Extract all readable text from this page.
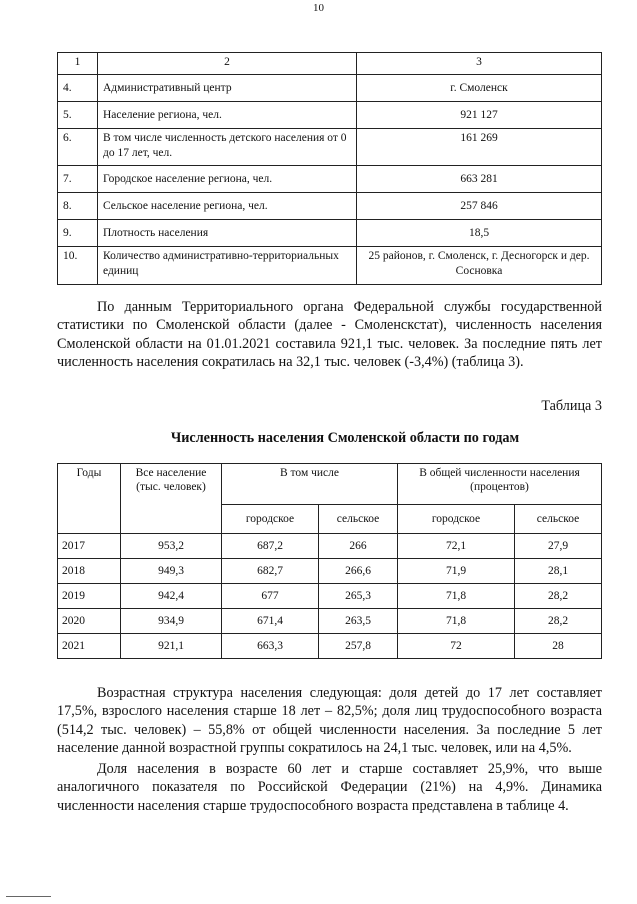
10
1	2	3
4.	Административный центр	г. Смоленск
5.	Население региона, чел.	921 127
6.	В том числе численность детского населения от 0 до 17 лет, чел.	161 269
7.	Городское население региона, чел.	663 281
8.	Сельское население региона, чел.	257 846
9.	Плотность населения	18,5
10.	Количество административно-территориальных единиц	25 районов, г. Смоленск, г. Десногорск и дер. Сосновка

По данным Территориального органа Федеральной службы государственной статистики по Смоленской области (далее - Смоленскстат), численность населения Смоленской области на 01.01.2021 составила 921,1 тыс. человек. За последние пять лет численность населения сократилась на 32,1 тыс. человек (-3,4%) (таблица 3).

Таблица 3
Численность населения Смоленской области по годам
Годы	Все население (тыс. человек)	В том числе		В общей численности населения (процентов)	
		городское	сельское	городское	сельское
2017	953,2	687,2	266	72,1	27,9
2018	949,3	682,7	266,6	71,9	28,1
2019	942,4	677	265,3	71,8	28,2
2020	934,9	671,4	263,5	71,8	28,2
2021	921,1	663,3	257,8	72	28

Возрастная структура населения следующая: доля детей до 17 лет составляет 17,5%, взрослого населения старше 18 лет – 82,5%; доля лиц трудоспособного возраста (514,2 тыс. человек) – 55,8% от общей численности населения. За последние 5 лет население данной возрастной группы сократилось на 24,1 тыс. человек, или на 4,5%.

Доля населения в возрасте 60 лет и старше составляет 25,9%, что выше аналогичного показателя по Российской Федерации (21%) на 4,9%. Динамика численности населения старше трудоспособного возраста представлена в таблице 4.
